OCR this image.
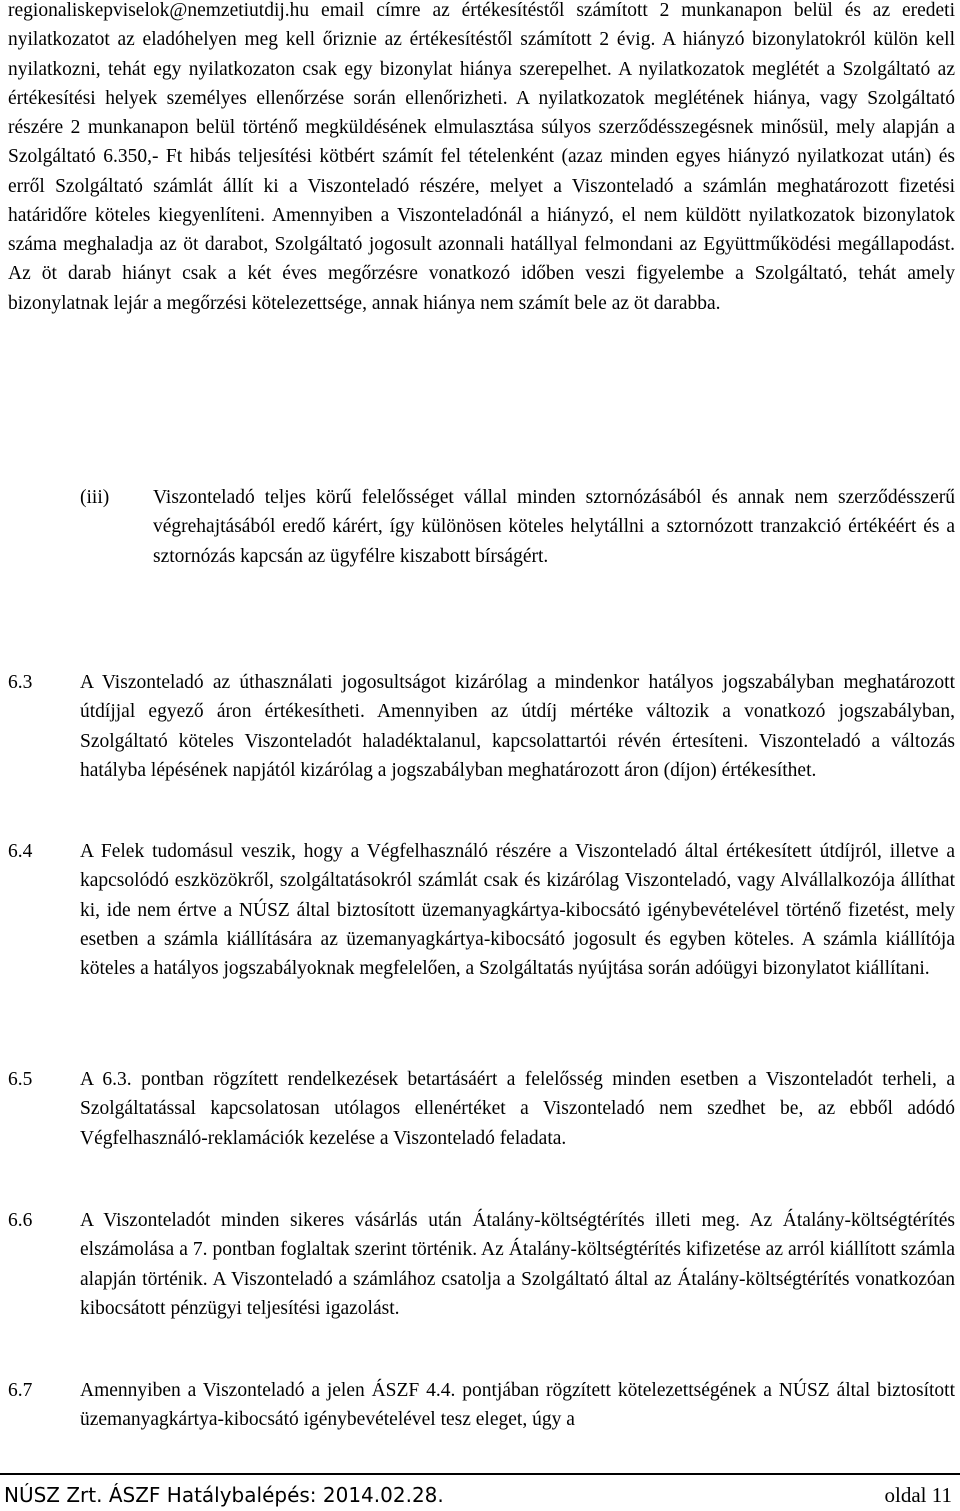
regionaliskepviselok@nemzetiutdij.hu email címre az értékesítéstől számított 2 munkanapon belül és az eredeti nyilatkozatot az eladóhelyen meg kell őriznie az értékesítéstől számított 2 évig. A hiányzó bizonylatokról külön kell nyilatkozni, tehát egy nyilatkozaton csak egy bizonylat hiánya szerepelhet. A nyilatkozatok meglétét a Szolgáltató az értékesítési helyek személyes ellenőrzése során ellenőrizheti. A nyilatkozatok meglétének hiánya, vagy Szolgáltató részére 2 munkanapon belül történő megküldésének elmulasztása súlyos szerződésszegésnek minősül, mely alapján a Szolgáltató 6.350,- Ft hibás teljesítési kötbért számít fel tételenként (azaz minden egyes hiányzó nyilatkozat után) és erről Szolgáltató számlát állít ki a Viszonteladó részére, melyet a Viszonteladó a számlán meghatározott fizetési határidőre köteles kiegyenlíteni. Amennyiben a Viszonteladónál a hiányzó, el nem küldött nyilatkozatok bizonylatok száma meghaladja az öt darabot, Szolgáltató jogosult azonnali hatállyal felmondani az Együttműködési megállapodást. Az öt darab hiányt csak a két éves megőrzésre vonatkozó időben veszi figyelembe a Szolgáltató, tehát amely bizonylatnak lejár a megőrzési kötelezettsége, annak hiánya nem számít bele az öt darabba.

(iii) Viszonteladó teljes körű felelősséget vállal minden sztornózásából és annak nem szerződésszerű végrehajtásából eredő kárért, így különösen köteles helytállni a sztornózott tranzakció értékéért és a sztornózás kapcsán az ügyfélre kiszabott bírságért.
6.3 A Viszonteladó az úthasználati jogosultságot kizárólag a mindenkor hatályos jogszabályban meghatározott útdíjjal egyező áron értékesítheti. Amennyiben az útdíj mértéke változik a vonatkozó jogszabályban, Szolgáltató köteles Viszonteladót haladéktalanul, kapcsolattartói révén értesíteni. Viszonteladó a változás hatályba lépésének napjától kizárólag a jogszabályban meghatározott áron (díjon) értékesíthet.
6.4 A Felek tudomásul veszik, hogy a Végfelhasználó részére a Viszonteladó által értékesített útdíjról, illetve a kapcsolódó eszközökről, szolgáltatásokról számlát csak és kizárólag Viszonteladó, vagy Alvállalkozója állíthat ki, ide nem értve a NÚSZ által biztosított üzemanyagkártya-kibocsátó igénybevételével történő fizetést, mely esetben a számla kiállítására az üzemanyagkártya-kibocsátó jogosult és egyben köteles. A számla kiállítója köteles a hatályos jogszabályoknak megfelelően, a Szolgáltatás nyújtása során adóügyi bizonylatot kiállítani.
6.5 A 6.3. pontban rögzített rendelkezések betartásáért a felelősség minden esetben a Viszonteladót terheli, a Szolgáltatással kapcsolatosan utólagos ellenértéket a Viszonteladó nem szedhet be, az ebből adódó Végfelhasználó-reklamációk kezelése a Viszonteladó feladata.
6.6 A Viszonteladót minden sikeres vásárlás után Átalány-költségtérítés illeti meg. Az Átalány-költségtérítés elszámolása a 7. pontban foglaltak szerint történik. Az Átalány-költségtérítés kifizetése az arról kiállított számla alapján történik. A Viszonteladó a számlához csatolja a Szolgáltató által az Átalány-költségtérítés vonatkozóan kibocsátott pénzügyi teljesítési igazolást.
6.7 Amennyiben a Viszonteladó a jelen ÁSZF 4.4. pontjában rögzített kötelezettségének a NÚSZ által biztosított üzemanyagkártya-kibocsátó igénybevételével tesz eleget, úgy a
NÚSZ Zrt. ÁSZF Hatálybalépés: 2014.02.28.	oldal 11
